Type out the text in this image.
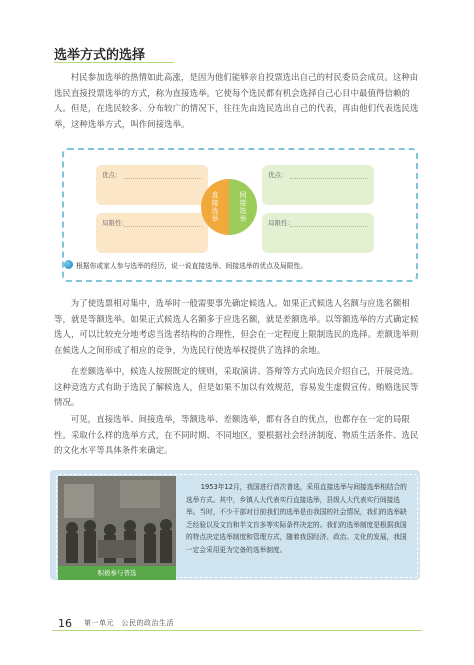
选举方式的选择

村民参加选举的热情如此高涨，是因为他们能够亲自投票选出自己的村民委员会成员。这种由选民直接投票选举的方式，称为直接选举。它使每个选民都有机会选择自己心目中最值得信赖的人。但是，在选民较多、分布较广的情况下，往往先由选民选出自己的代表，再由他们代表选民选举，这种选举方式，叫作间接选举。

优点：
局限性：
优点：
局限性：
直接选举	间接选举
根据你或家人参与选举的经历，说一说直接选举、间接选举的优点及局限性。

为了使选票相对集中，选举时一般需要事先确定候选人。如果正式候选人名额与应选名额相等，就是等额选举。如果正式候选人名额多于应选名额，就是差额选举。以等额选举的方式确定候选人，可以比较充分地考虑当选者结构的合理性，但会在一定程度上限制选民的选择。差额选举则在候选人之间形成了相应的竞争，为选民行使选举权提供了选择的余地。

在差额选举中，候选人按照既定的规则，采取演讲、答辩等方式向选民介绍自己，开展竞选。这种竞选方式有助于选民了解候选人，但是如果不加以有效规范，容易发生虚假宣传、贿赂选民等情况。

可见，直接选举、间接选举，等额选举、差额选举，都有各自的优点，也都存在一定的局限性。采取什么样的选举方式，在不同时期、不同地区，要根据社会经济制度、物质生活条件、选民的文化水平等具体条件来确定。

积极参与普选

1953年12月，我国进行首次普选，采用直接选举与间接选举相结合的选举方式。其中，乡镇人大代表实行直接选举，县级人大代表实行间接选举。当时，不少干部对目前我们的选举是由我国的社会情况，我们的选举缺乏经验以及文盲和半文盲多等实际条件决定的。我们的选举制度是根据我国的特点决定选举制度和管理方式，随着我国经济、政治、文化的发展，我国一定会采用更为完备的选举制度。

16 第一单元　公民的政治生活
